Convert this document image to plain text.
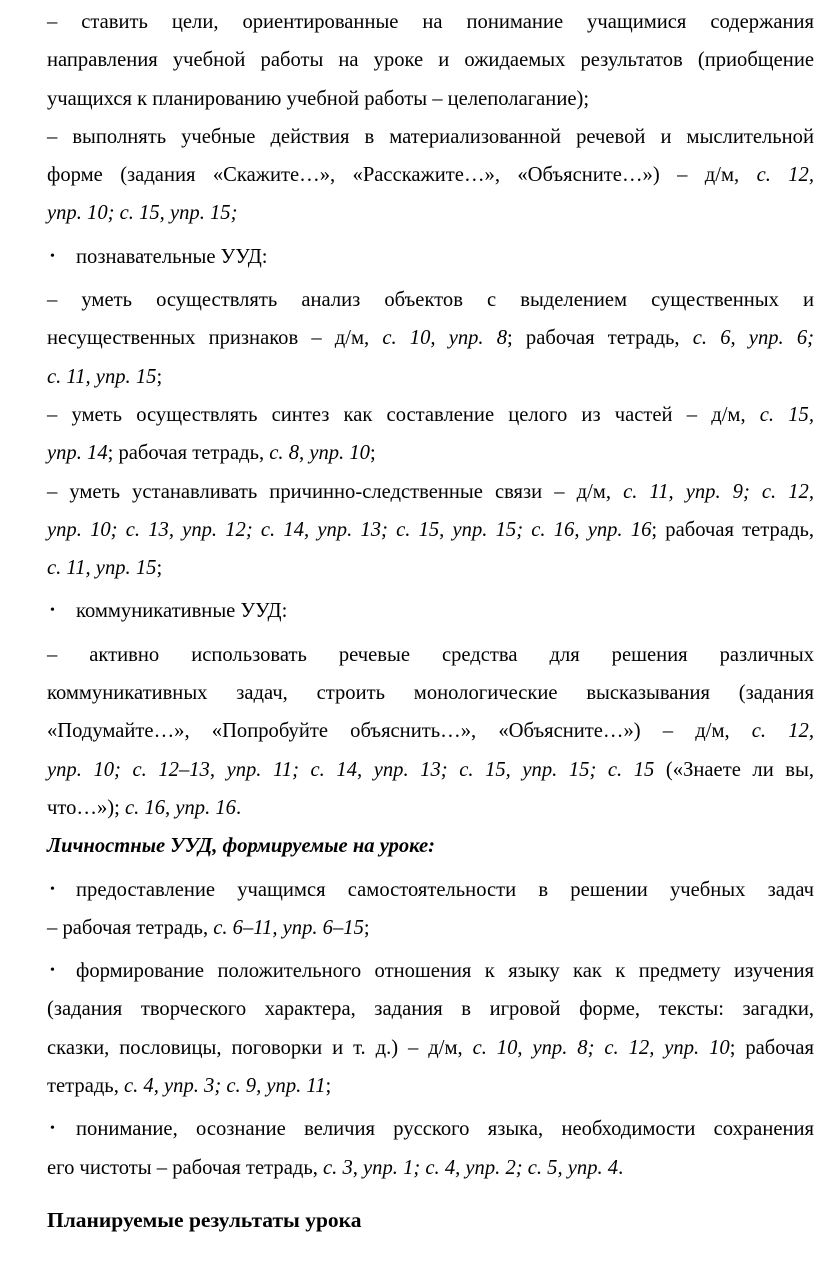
– ставить цели, ориентированные на понимание учащимися содержания

направления учебной работы на уроке и ожидаемых результатов (приобщение

учащихся к планированию учебной работы – целеполагание);

– выполнять учебные действия в материализованной речевой и мыслительной

форме (задания «Скажите…», «Расскажите…», «Объясните…») – д/м, с. 12,

упр. 10; с. 15, упр. 15;

• познавательные УУД:

– уметь осуществлять анализ объектов с выделением существенных и

несущественных признаков – д/м, с. 10, упр. 8; рабочая тетрадь, с. 6, упр. 6;

с. 11, упр. 15;

– уметь осуществлять синтез как составление целого из частей – д/м, с. 15,

упр. 14; рабочая тетрадь, с. 8, упр. 10;

– уметь устанавливать причинно-следственные связи – д/м, с. 11, упр. 9; с. 12,

упр. 10; с. 13, упр. 12; с. 14, упр. 13; с. 15, упр. 15; с. 16, упр. 16; рабочая тетрадь,

с. 11, упр. 15;

• коммуникативные УУД:

– активно использовать речевые средства для решения различных

коммуникативных задач, строить монологические высказывания (задания

«Подумайте…», «Попробуйте объяснить…», «Объясните…») – д/м, с. 12,

упр. 10; с. 12–13, упр. 11; с. 14, упр. 13; с. 15, упр. 15; с. 15 («Знаете ли вы,

что…»); с. 16, упр. 16.

Личностные УУД, формируемые на уроке:

• предоставление учащимся самостоятельности в решении учебных задач

– рабочая тетрадь, с. 6–11, упр. 6–15;

• формирование положительного отношения к языку как к предмету изучения

(задания творческого характера, задания в игровой форме, тексты: загадки,

сказки, пословицы, поговорки и т. д.) – д/м, с. 10, упр. 8; с. 12, упр. 10; рабочая

тетрадь, с. 4, упр. 3; с. 9, упр. 11;

• понимание, осознание величия русского языка, необходимости сохранения

его чистоты – рабочая тетрадь, с. 3, упр. 1; с. 4, упр. 2; с. 5, упр. 4.

Планируемые результаты урока
